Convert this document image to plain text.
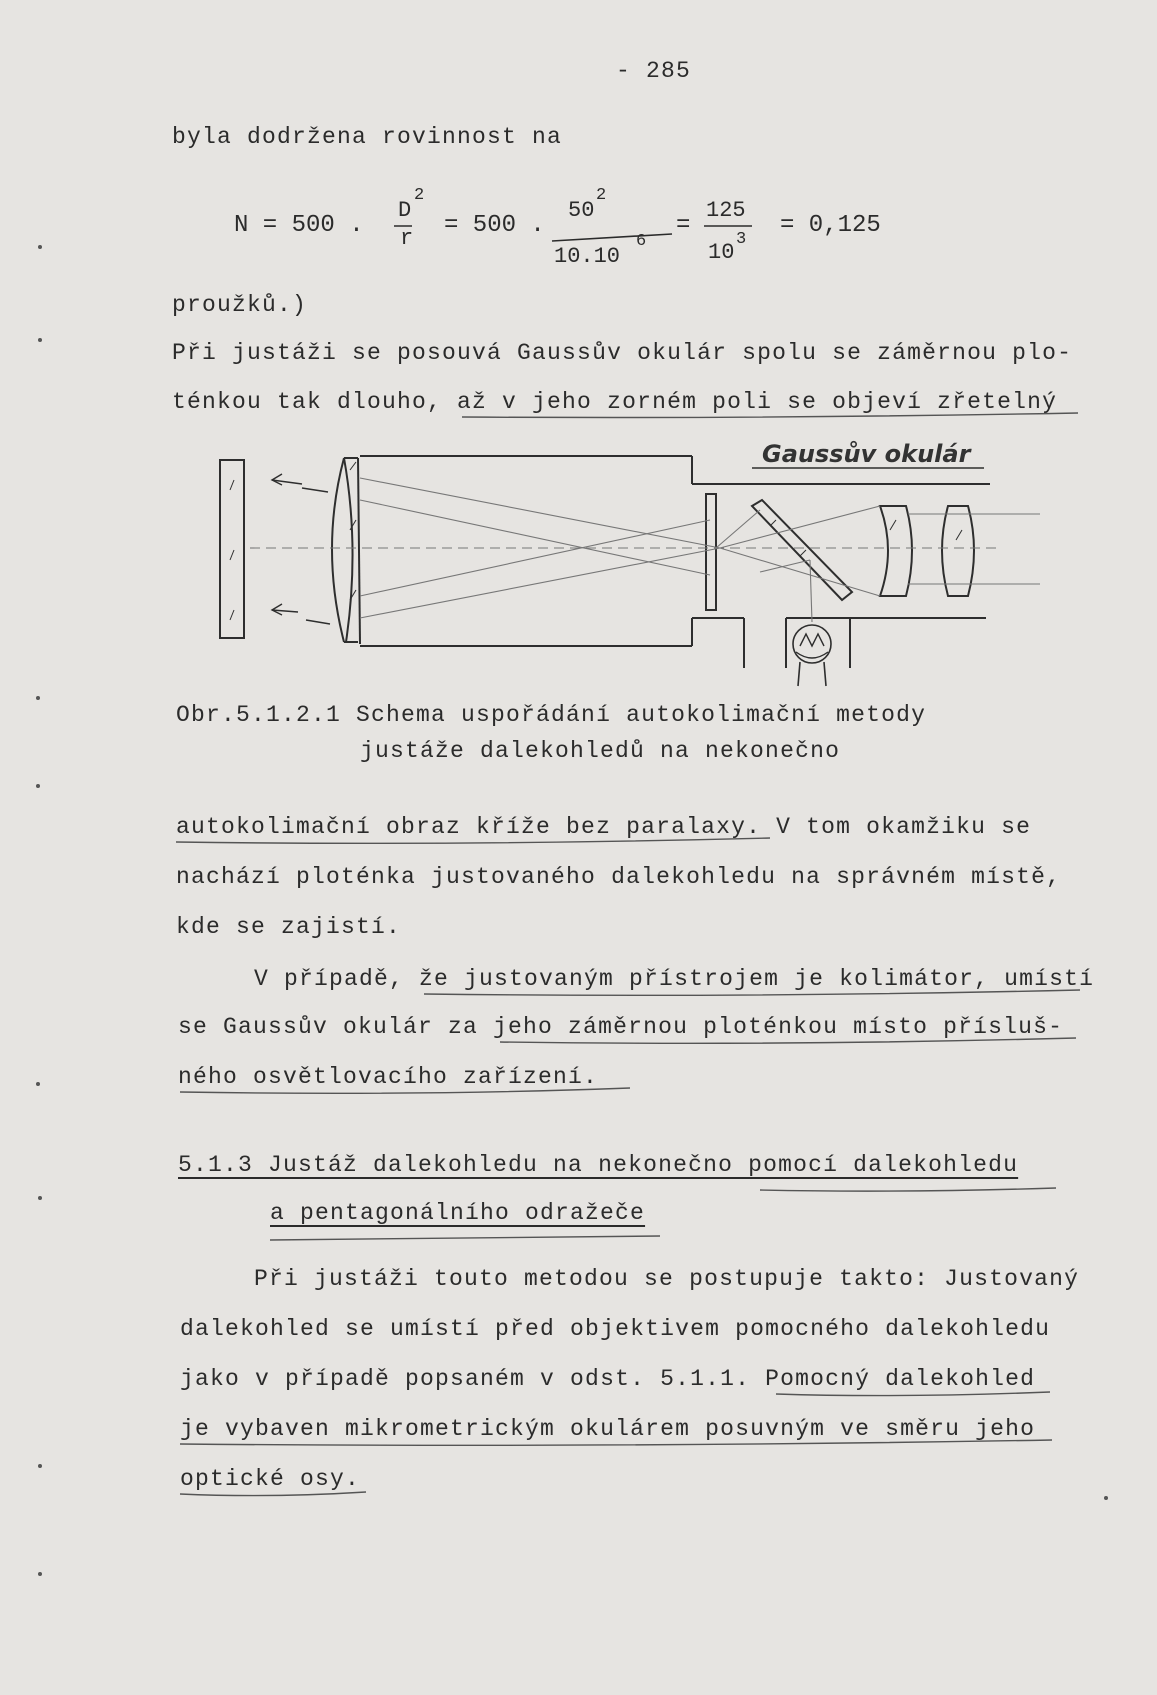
- 285
byla dodržena rovinnost na
N = 500 .
D
2
r = 500 .
50
2
10.10
6
=
125
10
3
= 0,125
proužků.)
Při justáži se posouvá Gaussův okulár spolu se záměrnou plo-
ténkou tak dlouho, až v jeho zorném poli se objeví zřetelný
Gaussův okulár
Obr.5.1.2.1 Schema uspořádání autokolimační metody
justáže dalekohledů na nekonečno
autokolimační obraz kříže bez paralaxy. V tom okamžiku se
nachází ploténka justovaného dalekohledu na správném místě,
kde se zajistí.
V případě, že justovaným přístrojem je kolimátor, umístí
se Gaussův okulár za jeho záměrnou ploténkou místo přísluš-
ného osvětlovacího zařízení.
5.1.3 Justáž dalekohledu na nekonečno pomocí dalekohledu
a pentagonálního odražeče
Při justáži touto metodou se postupuje takto: Justovaný
dalekohled se umístí před objektivem pomocného dalekohledu
jako v případě popsaném v odst. 5.1.1. Pomocný dalekohled
je vybaven mikrometrickým okulárem posuvným ve směru jeho
optické osy.
